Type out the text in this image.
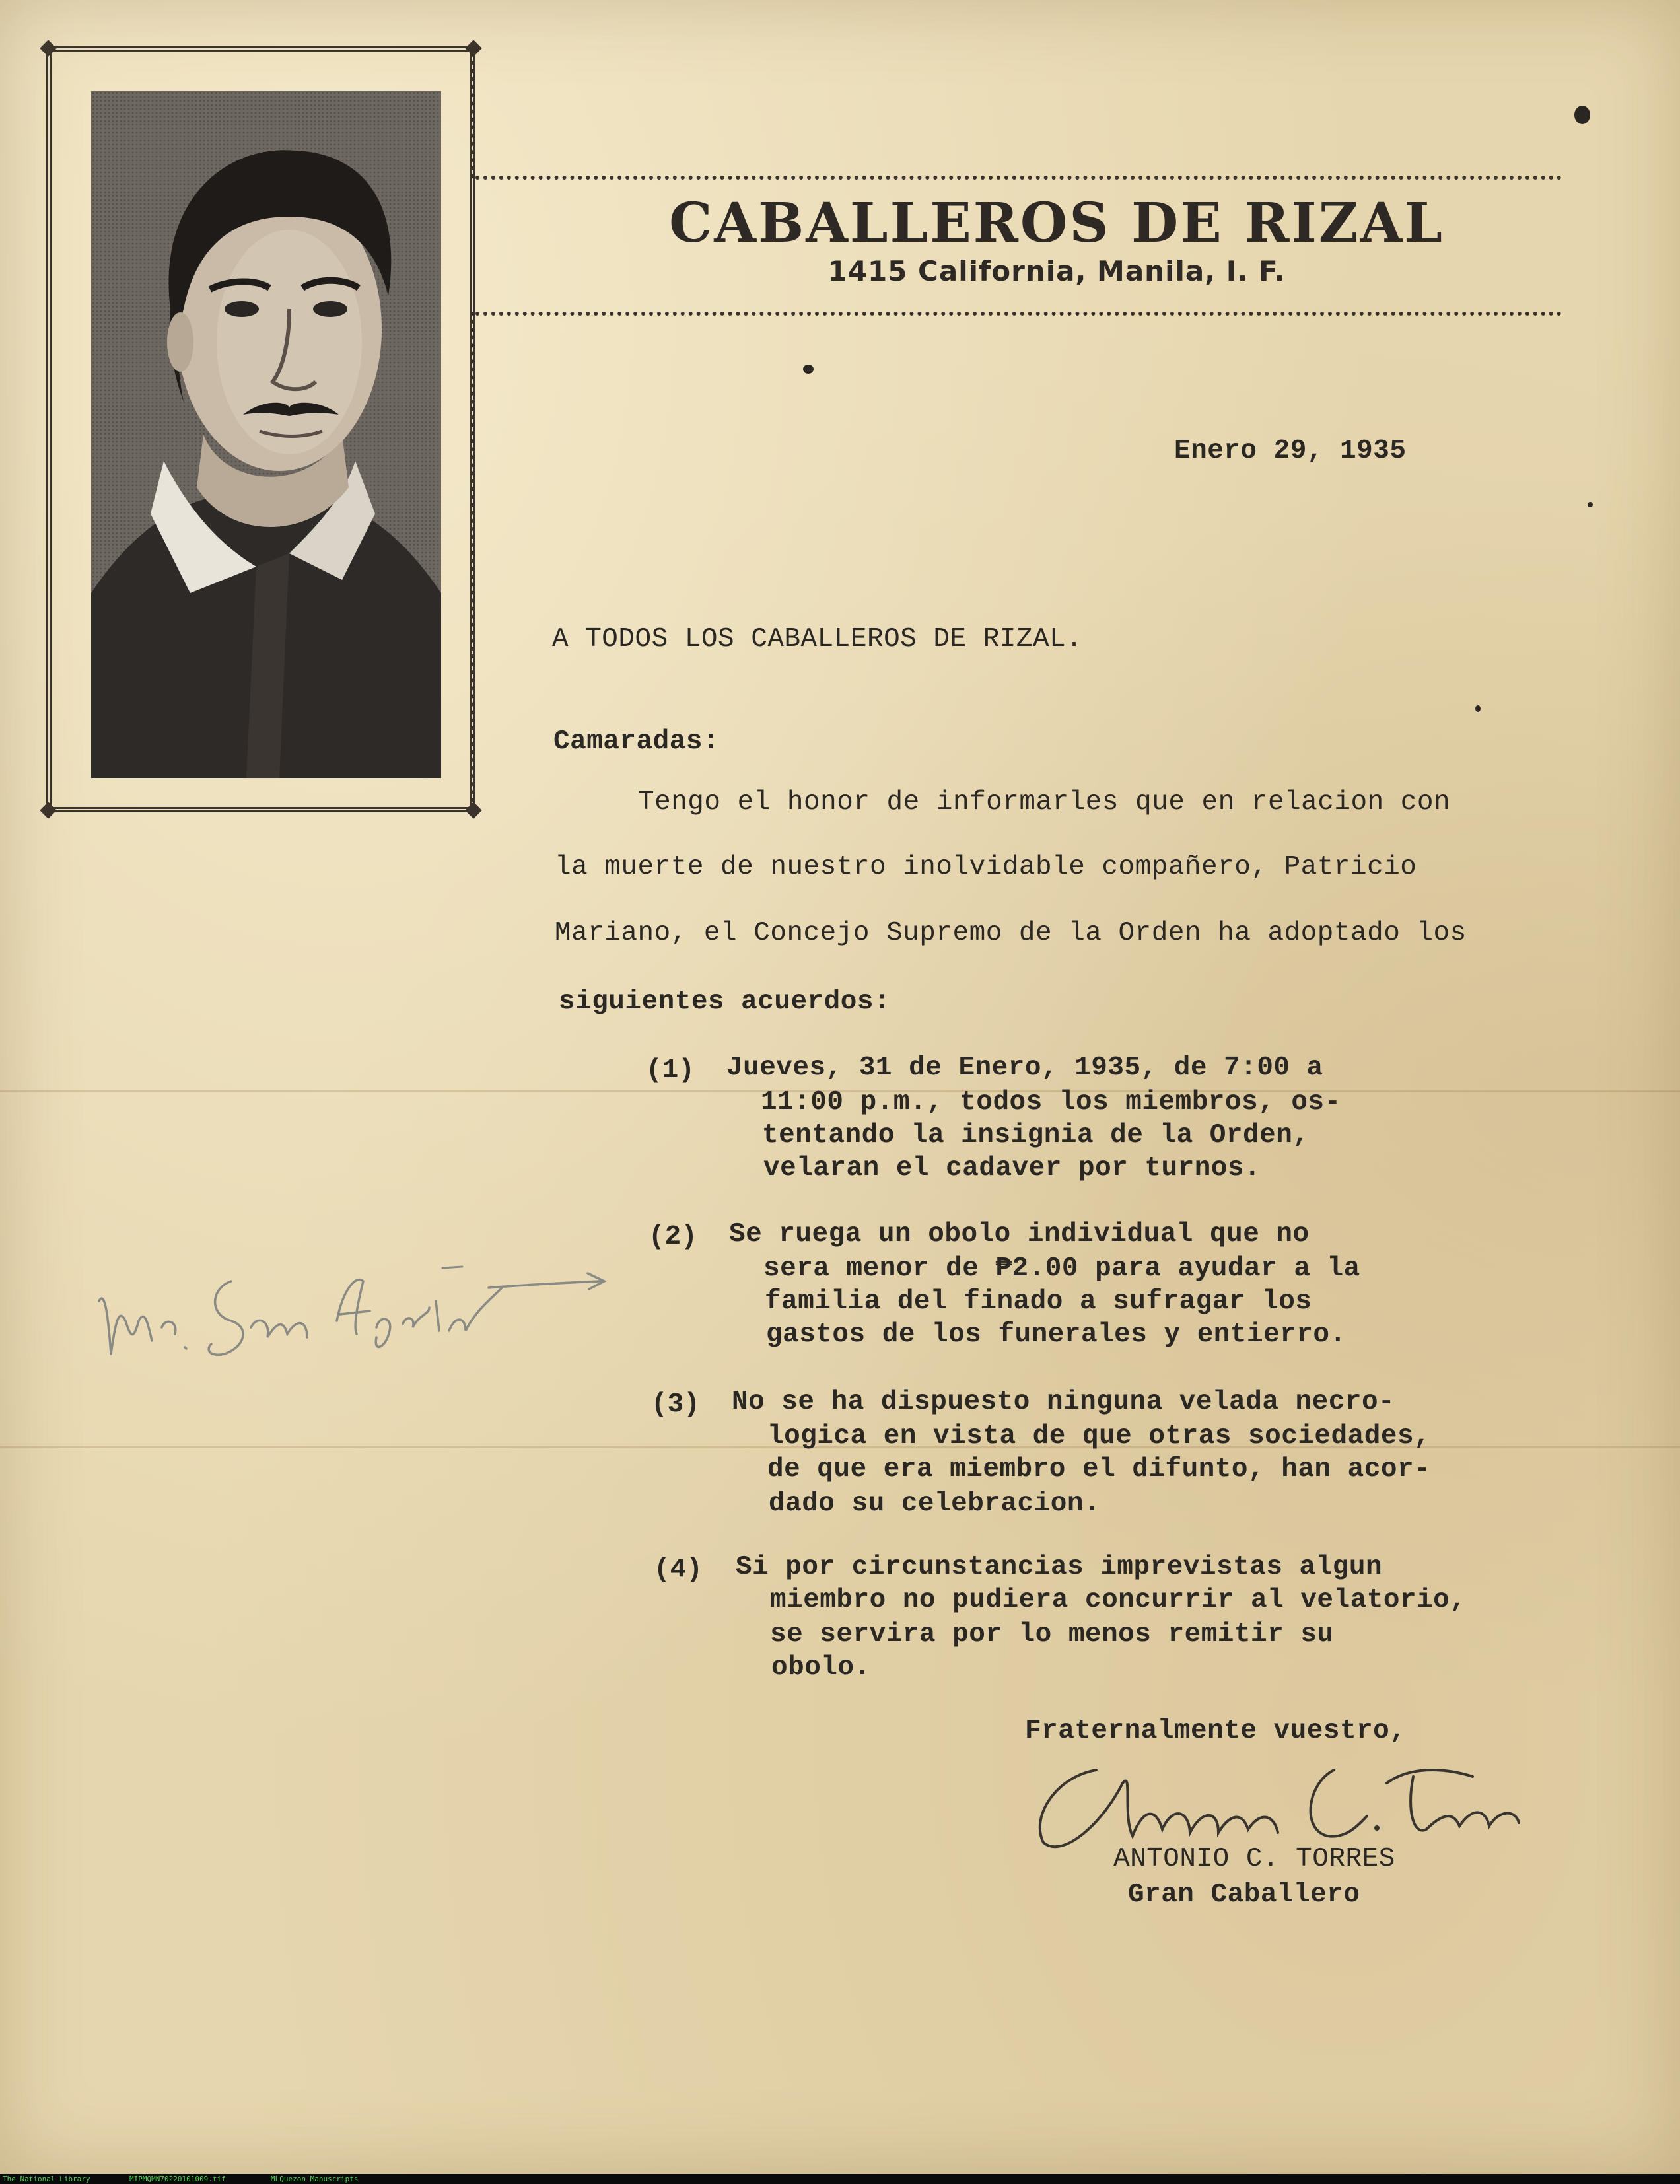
CABALLEROS DE RIZAL
1415 California, Manila, I. F.
Enero 29, 1935
A TODOS LOS CABALLEROS DE RIZAL.
Camaradas:
Tengo el honor de informarles que en relacion con
la muerte de nuestro inolvidable compañero, Patricio
Mariano, el Concejo Supremo de la Orden ha adoptado los
siguientes acuerdos:
(1) Jueves, 31 de Enero, 1935, de 7:00 a
11:00 p.m., todos los miembros, os-
tentando la insignia de la Orden,
velaran el cadaver por turnos.
(2) Se ruega un obolo individual que no
sera menor de ₱2.00 para ayudar a la
familia del finado a sufragar los
gastos de los funerales y entierro.
(3) No se ha dispuesto ninguna velada necro-
logica en vista de que otras sociedades,
de que era miembro el difunto, han acor-
dado su celebracion.
(4) Si por circunstancias imprevistas algun
miembro no pudiera concurrir al velatorio,
se servira por lo menos remitir su
obolo.
Fraternalmente vuestro,
Antonio C. Torres
ANTONIO C. TORRES
Gran Caballero
Mr. San Agustin
The National Library	MIPMQMN70220101009.tif	MLQuezon Manuscripts
